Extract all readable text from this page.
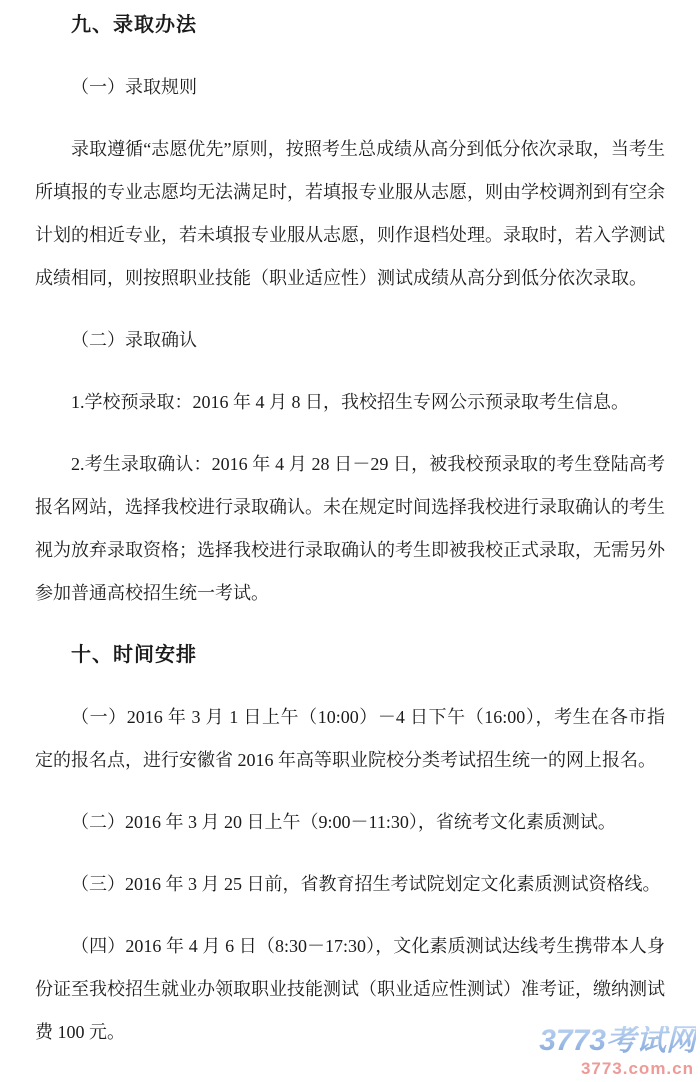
九、录取办法

（一）录取规则

录取遵循“志愿优先”原则，按照考生总成绩从高分到低分依次录取，当考生所填报的专业志愿均无法满足时，若填报专业服从志愿，则由学校调剂到有空余计划的相近专业，若未填报专业服从志愿，则作退档处理。录取时，若入学测试成绩相同，则按照职业技能（职业适应性）测试成绩从高分到低分依次录取。

（二）录取确认

1.学校预录取：2016 年 4 月 8 日，我校招生专网公示预录取考生信息。

2.考生录取确认：2016 年 4 月 28 日－29 日，被我校预录取的考生登陆高考报名网站，选择我校进行录取确认。未在规定时间选择我校进行录取确认的考生视为放弃录取资格；选择我校进行录取确认的考生即被我校正式录取，无需另外参加普通高校招生统一考试。

十、时间安排

（一）2016 年 3 月 1 日上午（10:00）－4 日下午（16:00），考生在各市指定的报名点，进行安徽省 2016 年高等职业院校分类考试招生统一的网上报名。

（二）2016 年 3 月 20 日上午（9:00－11:30），省统考文化素质测试。

（三）2016 年 3 月 25 日前，省教育招生考试院划定文化素质测试资格线。

（四）2016 年 4 月 6 日（8:30－17:30），文化素质测试达线考生携带本人身份证至我校招生就业办领取职业技能测试（职业适应性测试）准考证，缴纳测试费 100 元。	3773考试网
3773.com.cn
